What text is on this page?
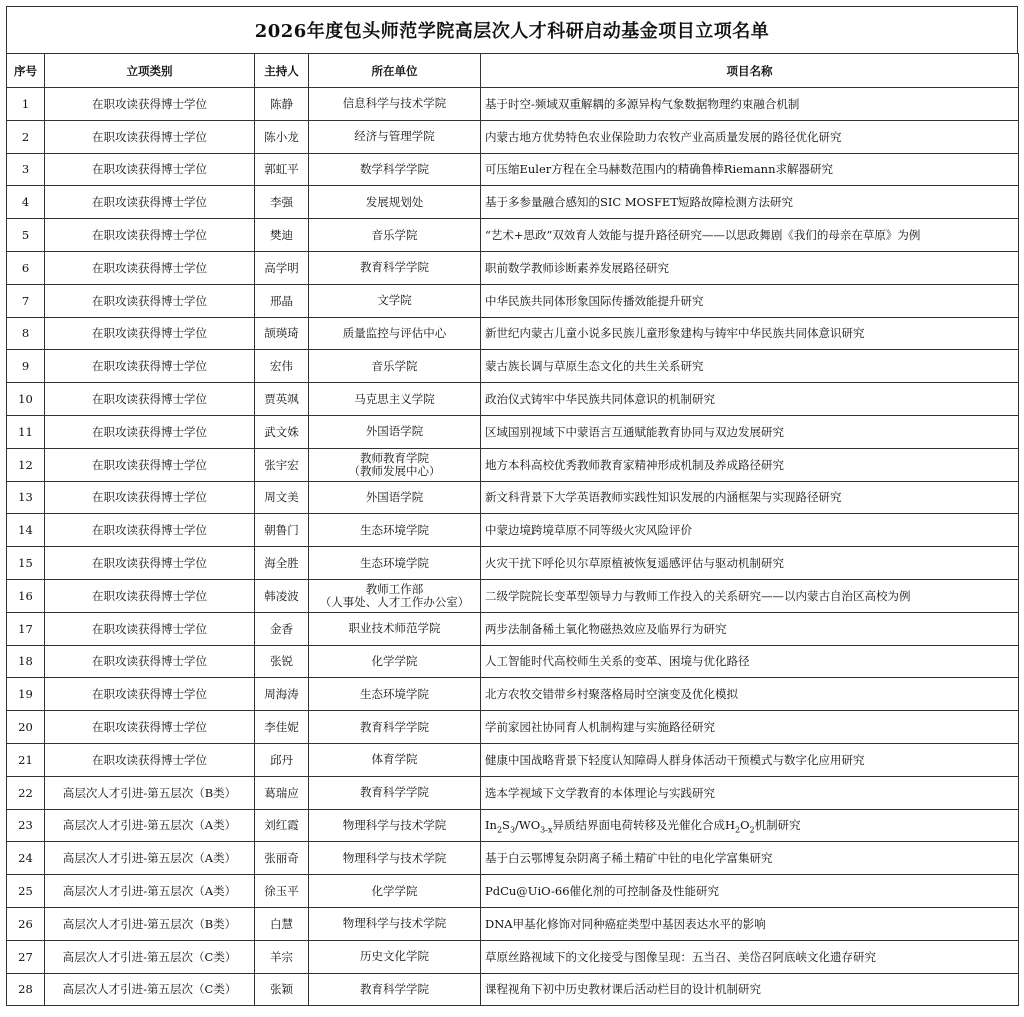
2026年度包头师范学院高层次人才科研启动基金项目立项名单
序号	立项类别	主持人	所在单位	项目名称
1	在职攻读获得博士学位	陈静	信息科学与技术学院	基于时空-频域双重解耦的多源异构气象数据物理约束融合机制
2	在职攻读获得博士学位	陈小龙	经济与管理学院	内蒙古地方优势特色农业保险助力农牧产业高质量发展的路径优化研究
3	在职攻读获得博士学位	郭虹平	数学科学学院	可压缩Euler方程在全马赫数范围内的精确鲁棒Riemann求解器研究
4	在职攻读获得博士学位	李强	发展规划处	基于多参量融合感知的SIC MOSFET短路故障检测方法研究
5	在职攻读获得博士学位	樊迪	音乐学院	“艺术+思政”双效育人效能与提升路径研究——以思政舞剧《我们的母亲在草原》为例
6	在职攻读获得博士学位	高学明	教育科学学院	职前数学教师诊断素养发展路径研究
7	在职攻读获得博士学位	邢晶	文学院	中华民族共同体形象国际传播效能提升研究
8	在职攻读获得博士学位	颉瑛琦	质量监控与评估中心	新世纪内蒙古儿童小说多民族儿童形象建构与铸牢中华民族共同体意识研究
9	在职攻读获得博士学位	宏伟	音乐学院	蒙古族长调与草原生态文化的共生关系研究
10	在职攻读获得博士学位	贾英飒	马克思主义学院	政治仪式铸牢中华民族共同体意识的机制研究
11	在职攻读获得博士学位	武文姝	外国语学院	区域国别视域下中蒙语言互通赋能教育协同与双边发展研究
12	在职攻读获得博士学位	张宇宏	教师教育学院
（教师发展中心）	地方本科高校优秀教师教育家精神形成机制及养成路径研究
13	在职攻读获得博士学位	周文美	外国语学院	新文科背景下大学英语教师实践性知识发展的内涵框架与实现路径研究
14	在职攻读获得博士学位	朝鲁门	生态环境学院	中蒙边境跨境草原不同等级火灾风险评价
15	在职攻读获得博士学位	海全胜	生态环境学院	火灾干扰下呼伦贝尔草原植被恢复遥感评估与驱动机制研究
16	在职攻读获得博士学位	韩凌波	教师工作部
（人事处、人才工作办公室）	二级学院院长变革型领导力与教师工作投入的关系研究——以内蒙古自治区高校为例
17	在职攻读获得博士学位	金香	职业技术师范学院	两步法制备稀土氧化物磁热效应及临界行为研究
18	在职攻读获得博士学位	张锐	化学学院	人工智能时代高校师生关系的变革、困境与优化路径
19	在职攻读获得博士学位	周海涛	生态环境学院	北方农牧交错带乡村聚落格局时空演变及优化模拟
20	在职攻读获得博士学位	李佳妮	教育科学学院	学前家园社协同育人机制构建与实施路径研究
21	在职攻读获得博士学位	邱丹	体育学院	健康中国战略背景下轻度认知障碍人群身体活动干预模式与数字化应用研究
22	高层次人才引进-第五层次（B类）	葛瑞应	教育科学学院	选本学视域下文学教育的本体理论与实践研究
23	高层次人才引进-第五层次（A类）	刘红霞	物理科学与技术学院	$In_2S_3/WO_{3-x}$异质结界面电荷转移及光催化合成$H_2O_2$机制研究
24	高层次人才引进-第五层次（A类）	张丽奇	物理科学与技术学院	基于白云鄂博复杂阴离子稀土精矿中钍的电化学富集研究
25	高层次人才引进-第五层次（A类）	徐玉平	化学学院	PdCu@UiO-66催化剂的可控制备及性能研究
26	高层次人才引进-第五层次（B类）	白慧	物理科学与技术学院	DNA甲基化修饰对同种癌症类型中基因表达水平的影响
27	高层次人才引进-第五层次（C类）	羊宗	历史文化学院	草原丝路视域下的文化接受与图像呈现：五当召、美岱召阿底峡文化遗存研究
28	高层次人才引进-第五层次（C类）	张颖	教育科学学院	课程视角下初中历史教材课后活动栏目的设计机制研究
